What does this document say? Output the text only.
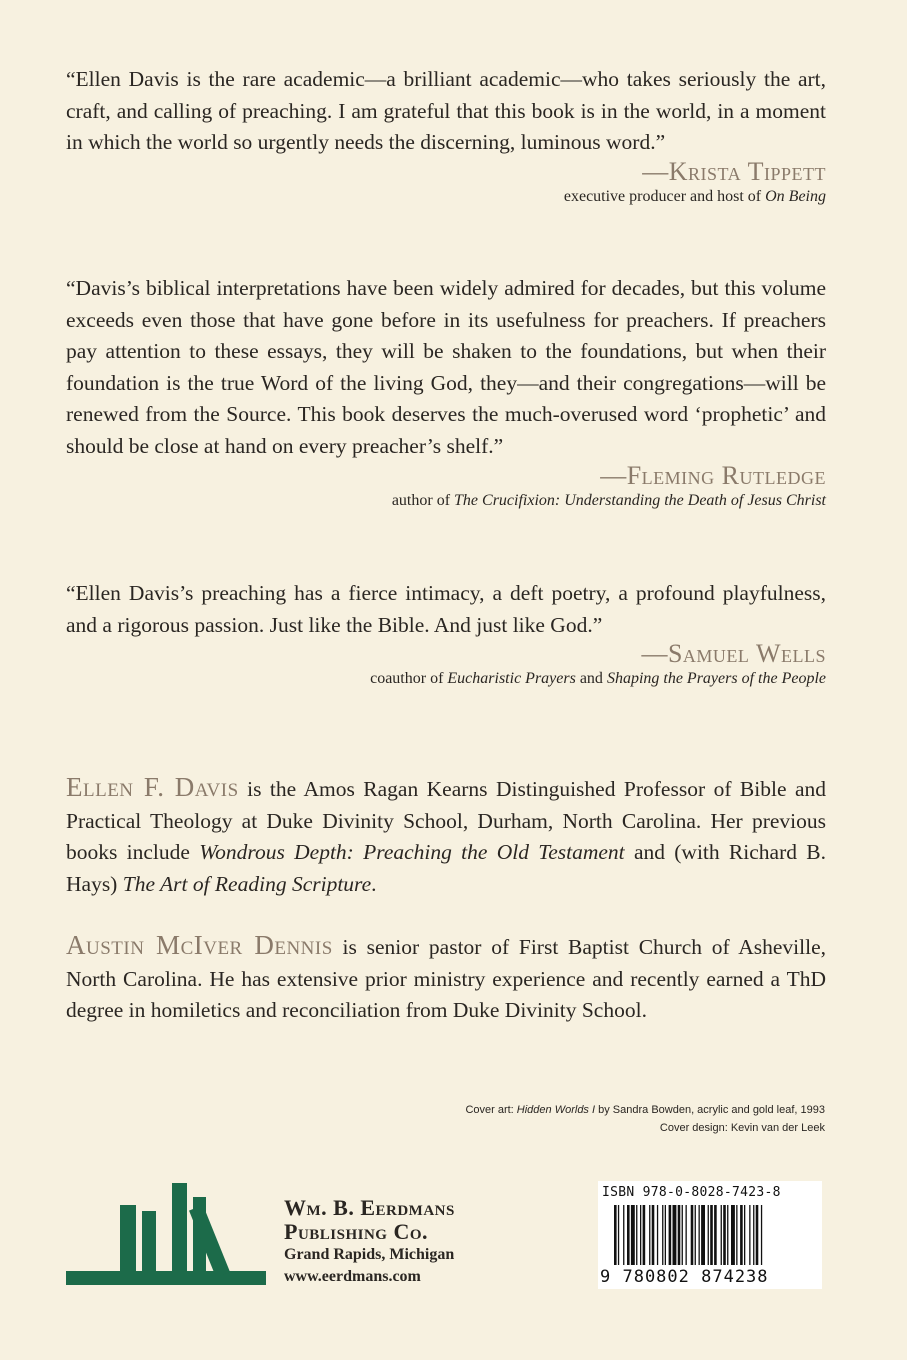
“Ellen Davis is the rare academic—a brilliant academic—who takes seriously the art, craft, and calling of preaching. I am grateful that this book is in the world, in a moment in which the world so urgently needs the discerning, luminous word.”

—Krista Tippett
executive producer and host of On Being

“Davis’s biblical interpretations have been widely admired for decades, but this volume exceeds even those that have gone before in its usefulness for preachers. If preachers pay attention to these essays, they will be shaken to the foundations, but when their foundation is the true Word of the living God, they—and their congregations—will be renewed from the Source. This book deserves the much-overused word ‘prophetic’ and should be close at hand on every preacher’s shelf.”

—Fleming Rutledge
author of The Crucifixion: Understanding the Death of Jesus Christ

“Ellen Davis’s preaching has a fierce intimacy, a deft poetry, a profound playfulness, and a rigorous passion. Just like the Bible. And just like God.”

—Samuel Wells
coauthor of Eucharistic Prayers and Shaping the Prayers of the People

Ellen F. Davis is the Amos Ragan Kearns Distinguished Professor of Bible and Practical Theology at Duke Divinity School, Durham, North Carolina. Her previous books include Wondrous Depth: Preaching the Old Testament and (with Richard B. Hays) The Art of Reading Scripture.

Austin McIver Dennis is senior pastor of First Baptist Church of Asheville, North Carolina. He has extensive prior ministry experience and recently earned a ThD degree in homiletics and reconciliation from Duke Divinity School.

Cover art: Hidden Worlds I by Sandra Bowden, acrylic and gold leaf, 1993
Cover design: Kevin van der Leek
Wm. B. Eerdmans
Publishing Co.
Grand Rapids, Michigan
www.eerdmans.com
ISBN 978-0-8028-7423-8
9 780802 874238
